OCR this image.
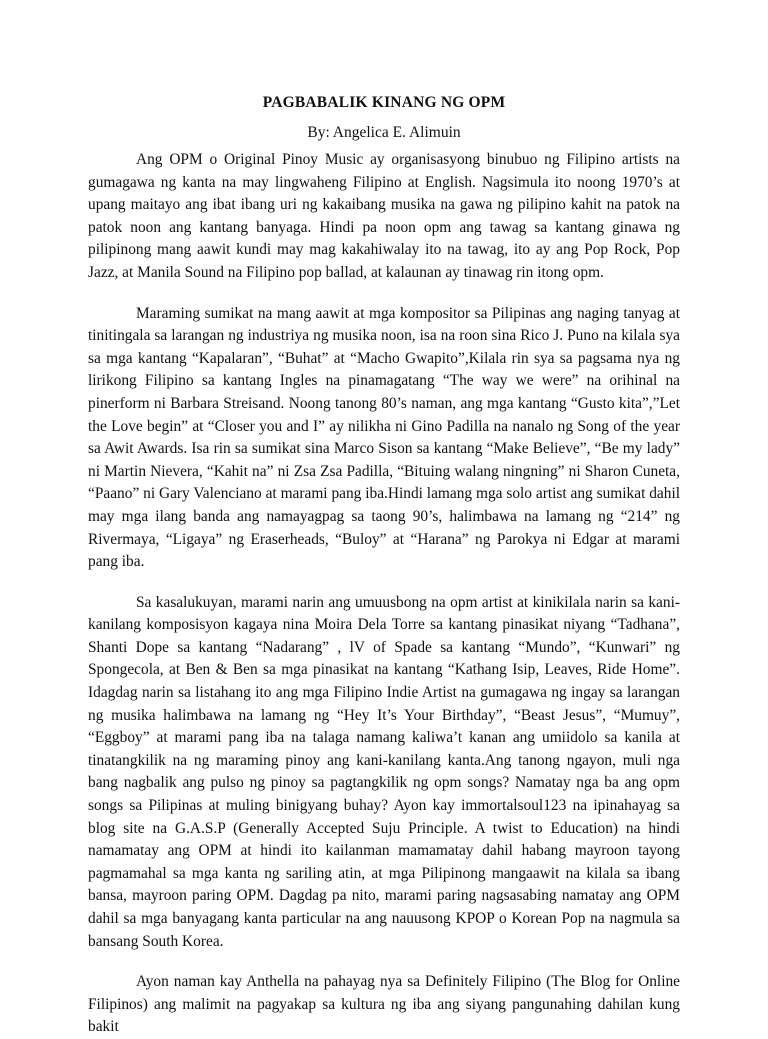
PAGBABALIK KINANG NG OPM

By: Angelica E. Alimuin

Ang OPM o Original Pinoy Music ay organisasyong binubuo ng Filipino artists na gumagawa ng kanta na may lingwaheng Filipino at English. Nagsimula ito noong 1970’s at upang maitayo ang ibat ibang uri ng kakaibang musika na gawa ng pilipino kahit na patok na patok noon ang kantang banyaga. Hindi pa noon opm ang tawag sa kantang ginawa ng pilipinong mang aawit kundi may mag kakahiwalay ito na tawag, ito ay ang Pop Rock, Pop Jazz, at Manila Sound na Filipino pop ballad, at kalaunan ay tinawag rin itong opm.

Maraming sumikat na mang aawit at mga kompositor sa Pilipinas ang naging tanyag at tinitingala sa larangan ng industriya ng musika noon, isa na roon sina Rico J. Puno na kilala sya sa mga kantang “Kapalaran”, “Buhat” at “Macho Gwapito”,Kilala rin sya sa pagsama nya ng lirikong Filipino sa kantang Ingles na pinamagatang “The way we were” na orihinal na pinerform ni Barbara Streisand. Noong tanong 80’s naman, ang mga kantang “Gusto kita”,”Let the Love begin” at “Closer you and I” ay nilikha ni Gino Padilla na nanalo ng Song of the year sa Awit Awards. Isa rin sa sumikat sina Marco Sison sa kantang “Make Believe”, “Be my lady” ni Martin Nievera, “Kahit na” ni Zsa Zsa Padilla, “Bituing walang ningning” ni Sharon Cuneta, “Paano” ni Gary Valenciano at marami pang iba.Hindi lamang mga solo artist ang sumikat dahil may mga ilang banda ang namayagpag sa taong 90’s, halimbawa na lamang ng “214” ng Rivermaya, “Ligaya” ng Eraserheads, “Buloy” at “Harana” ng Parokya ni Edgar at marami pang iba.

Sa kasalukuyan, marami narin ang umuusbong na opm artist at kinikilala narin sa kani-kanilang komposisyon kagaya nina Moira Dela Torre sa kantang pinasikat niyang “Tadhana”, Shanti Dope sa kantang “Nadarang” , lV of Spade sa kantang “Mundo”, “Kunwari” ng Spongecola, at Ben & Ben sa mga pinasikat na kantang “Kathang Isip, Leaves, Ride Home”. Idagdag narin sa listahang ito ang mga Filipino Indie Artist na gumagawa ng ingay sa larangan ng musika halimbawa na lamang ng “Hey It’s Your Birthday”, “Beast Jesus”, “Mumuy”, “Eggboy” at marami pang iba na talaga namang kaliwa’t kanan ang umiidolo sa kanila at tinatangkilik na ng maraming pinoy ang kani-kanilang kanta.Ang tanong ngayon, muli nga bang nagbalik ang pulso ng pinoy sa pagtangkilik ng opm songs? Namatay nga ba ang opm songs sa Pilipinas at muling binigyang buhay? Ayon kay immortalsoul123 na ipinahayag sa blog site na G.A.S.P (Generally Accepted Suju Principle. A twist to Education) na hindi namamatay ang OPM at hindi ito kailanman mamamatay dahil habang mayroon tayong pagmamahal sa mga kanta ng sariling atin, at mga Pilipinong mangaawit na kilala sa ibang bansa, mayroon paring OPM. Dagdag pa nito, marami paring nagsasabing namatay ang OPM dahil sa mga banyagang kanta particular na ang nauusong KPOP o Korean Pop na nagmula sa bansang South Korea.

Ayon naman kay Anthella na pahayag nya sa Definitely Filipino (The Blog for Online Filipinos) ang malimit na pagyakap sa kultura ng iba ang siyang pangunahing dahilan kung bakit
